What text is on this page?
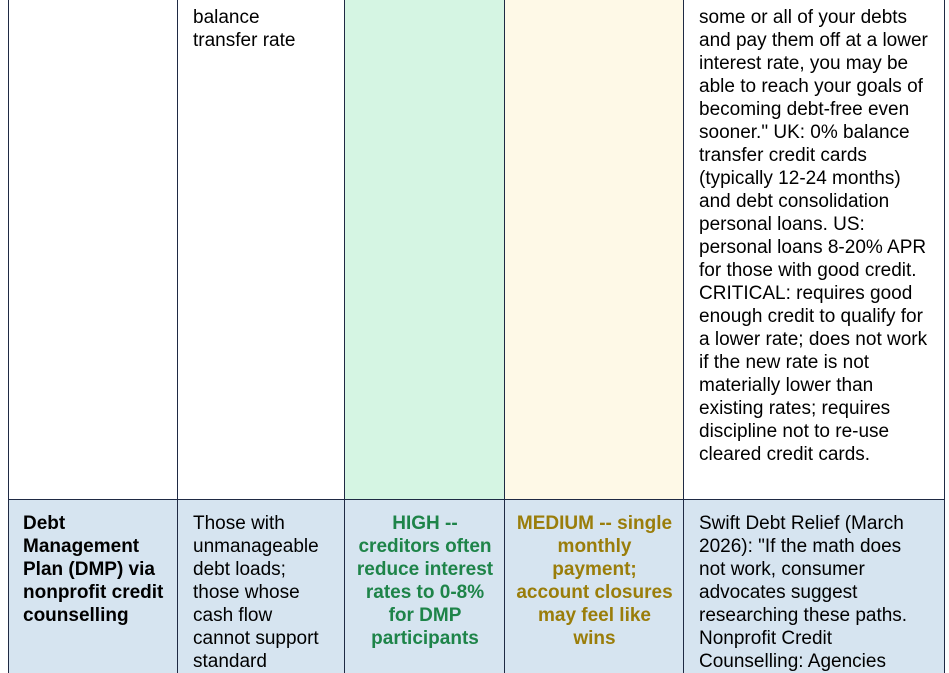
balance
transfer rate
some or all of your debts and pay them off at a lower interest rate, you may be able to reach your goals of becoming debt-free even sooner." UK: 0% balance transfer credit cards (typically 12-24 months) and debt consolidation personal loans. US: personal loans 8-20% APR for those with good credit. CRITICAL: requires good enough credit to qualify for a lower rate; does not work if the new rate is not materially lower than existing rates; requires discipline not to re-use cleared credit cards.
Debt Management Plan (DMP) via nonprofit credit counselling
Those with unmanageable debt loads; those whose cash flow cannot support standard
HIGH -- creditors often reduce interest rates to 0-8% for DMP participants
MEDIUM -- single monthly payment; account closures may feel like wins
Swift Debt Relief (March 2026): "If the math does not work, consumer advocates suggest researching these paths. Nonprofit Credit Counselling: Agencies
